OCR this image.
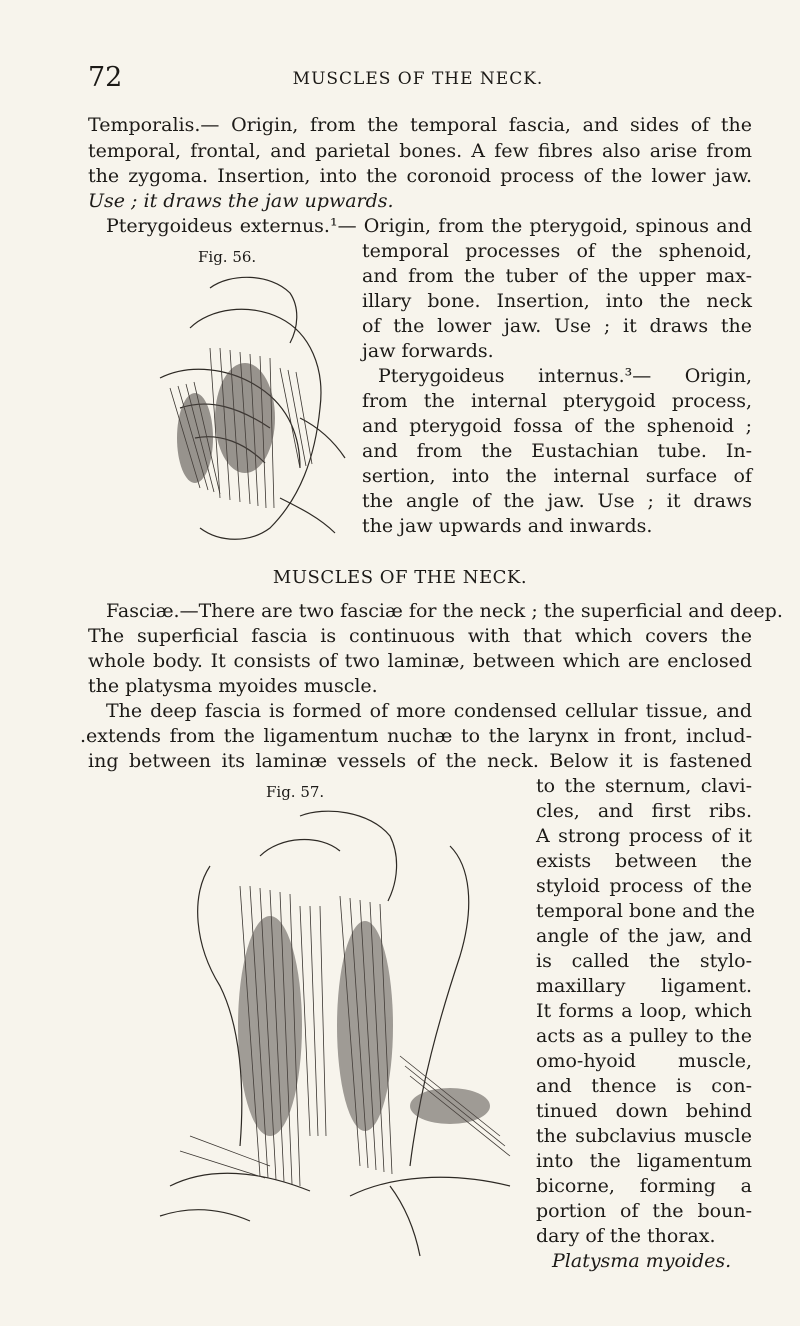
72	MUSCLES OF THE NECK.
Temporalis.— Origin, from the temporal fascia, and sides of the
temporal, frontal, and parietal bones. A few fibres also arise from
the zygoma. Insertion, into the coronoid process of the lower jaw.
Use ; it draws the jaw upwards.
Pterygoideus externus.¹— Origin, from the pterygoid, spinous and
temporal processes of the sphenoid,
and from the tuber of the upper max-
illary bone. Insertion, into the neck
of the lower jaw. Use ; it draws the
jaw forwards.
Pterygoideus internus.³— Origin,
from the internal pterygoid process,
and pterygoid fossa of the sphenoid ;
and from the Eustachian tube. In-
sertion, into the internal surface of
the angle of the jaw. Use ; it draws
the jaw upwards and inwards.
Fig. 56.
MUSCLES OF THE NECK.
Fasciæ.—There are two fasciæ for the neck ; the superficial and deep.
The superficial fascia is continuous with that which covers the
whole body. It consists of two laminæ, between which are enclosed
the platysma myoides muscle.
The deep fascia is formed of more condensed cellular tissue, and
.extends from the ligamentum nuchæ to the larynx in front, includ-
ing between its laminæ vessels of the neck. Below it is fastened
to the sternum, clavi-
cles, and first ribs.
A strong process of it
exists between the
styloid process of the
temporal bone and the
angle of the jaw, and
is called the stylo-
maxillary ligament.
It forms a loop, which
acts as a pulley to the
omo-hyoid muscle,
and thence is con-
tinued down behind
the subclavius muscle
into the ligamentum
bicorne, forming a
portion of the boun-
dary of the thorax.
Platysma myoides.
Fig. 57.
